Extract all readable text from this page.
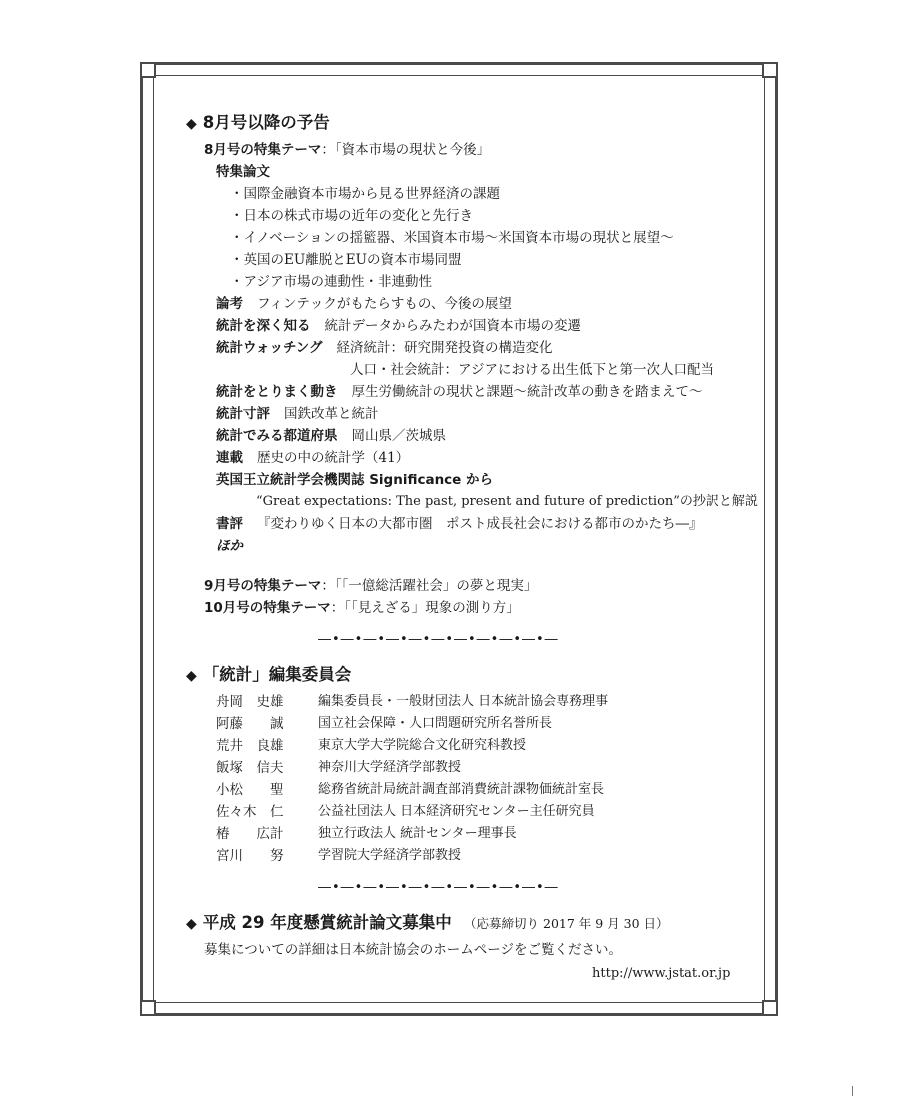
◆ 8月号以降の予告
8月号の特集テーマ：「資本市場の現状と今後」
特集論文
・国際金融資本市場から見る世界経済の課題
・日本の株式市場の近年の変化と先行き
・イノベーションの揺籃器、米国資本市場～米国資本市場の現状と展望～
・英国のEU離脱とEUの資本市場同盟
・アジア市場の連動性・非連動性
論考 フィンテックがもたらすもの、今後の展望
統計を深く知る 統計データからみたわが国資本市場の変遷
統計ウォッチング 経済統計：研究開発投資の構造変化
人口・社会統計：アジアにおける出生低下と第一次人口配当
統計をとりまく動き 厚生労働統計の現状と課題～統計改革の動きを踏まえて～
統計寸評 国鉄改革と統計
統計でみる都道府県 岡山県／茨城県
連載 歴史の中の統計学（41）
英国王立統計学会機関誌 Significance から
“Great expectations: The past, present and future of prediction”の抄訳と解説
書評 『変わりゆく日本の大都市圏　ポスト成長社会における都市のかたち―』
ほか
9月号の特集テーマ：「「一億総活躍社会」の夢と現実」
10月号の特集テーマ：「「見えざる」現象の測り方」
―•―•―•―•―•―•―•―•―•―•―
◆ 「統計」編集委員会
舟岡　史雄	編集委員長・一般財団法人 日本統計協会専務理事
阿藤　　誠	国立社会保障・人口問題研究所名誉所長
荒井　良雄	東京大学大学院総合文化研究科教授
飯塚　信夫	神奈川大学経済学部教授
小松　　聖	総務省統計局統計調査部消費統計課物価統計室長
佐々木　仁	公益社団法人 日本経済研究センター主任研究員
椿　　広計	独立行政法人 統計センター理事長
宮川　　努	学習院大学経済学部教授
―•―•―•―•―•―•―•―•―•―•―
◆ 平成 29 年度懸賞統計論文募集中 （応募締切り 2017 年 9 月 30 日）
募集についての詳細は日本統計協会のホームページをご覧ください。
http://www.jstat.or.jp
